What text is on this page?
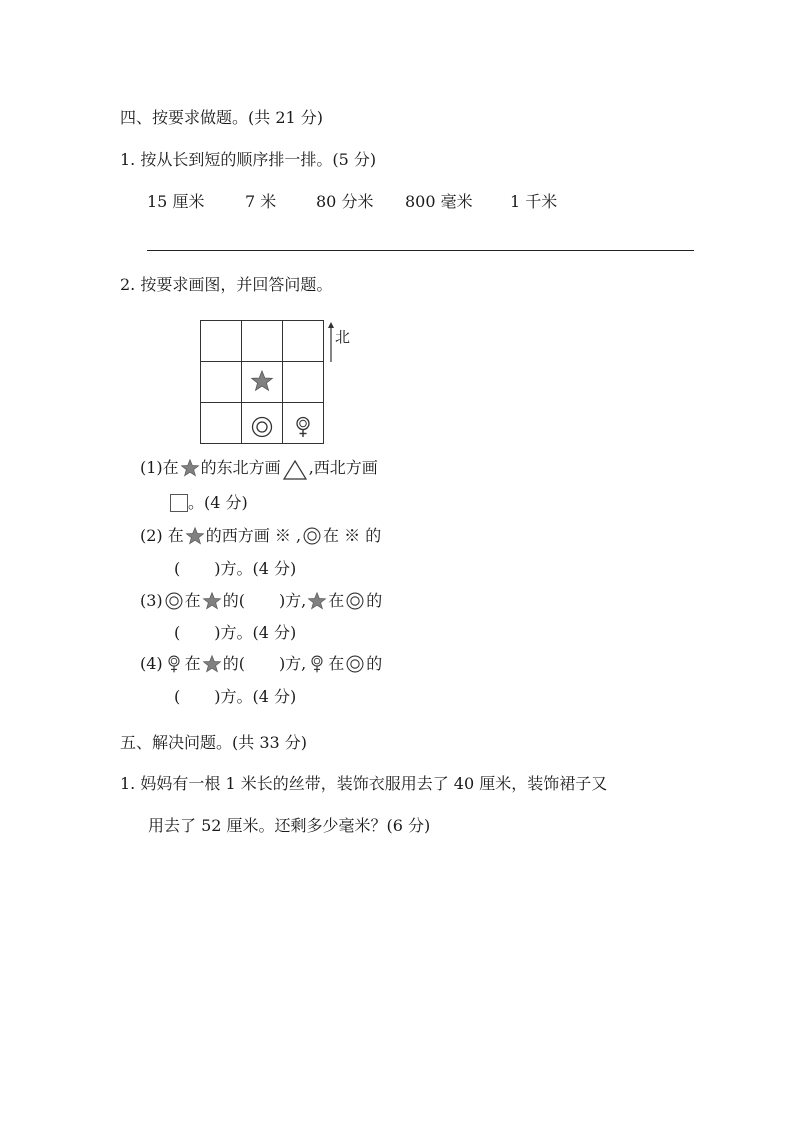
四、按要求做题。(共 21 分)
1. 按从长到短的顺序排一排。(5 分)
15 厘米	7 米 80 分米 800 毫米 1 千米
2. 按要求画图，并回答问题。
北
(1)在 的东北方画 ,西北方画
。(4 分)
(2) 在 的西方画 ※ , 在 ※ 的
( )方。(4 分)
(3) 在 的( )方, 在 的
( )方。(4 分)
(4) 在 的( )方, 在 的
( )方。(4 分)
五、解决问题。(共 33 分)
1. 妈妈有一根 1 米长的丝带，装饰衣服用去了 40 厘米，装饰裙子又
用去了 52 厘米。还剩多少毫米？(6 分)
